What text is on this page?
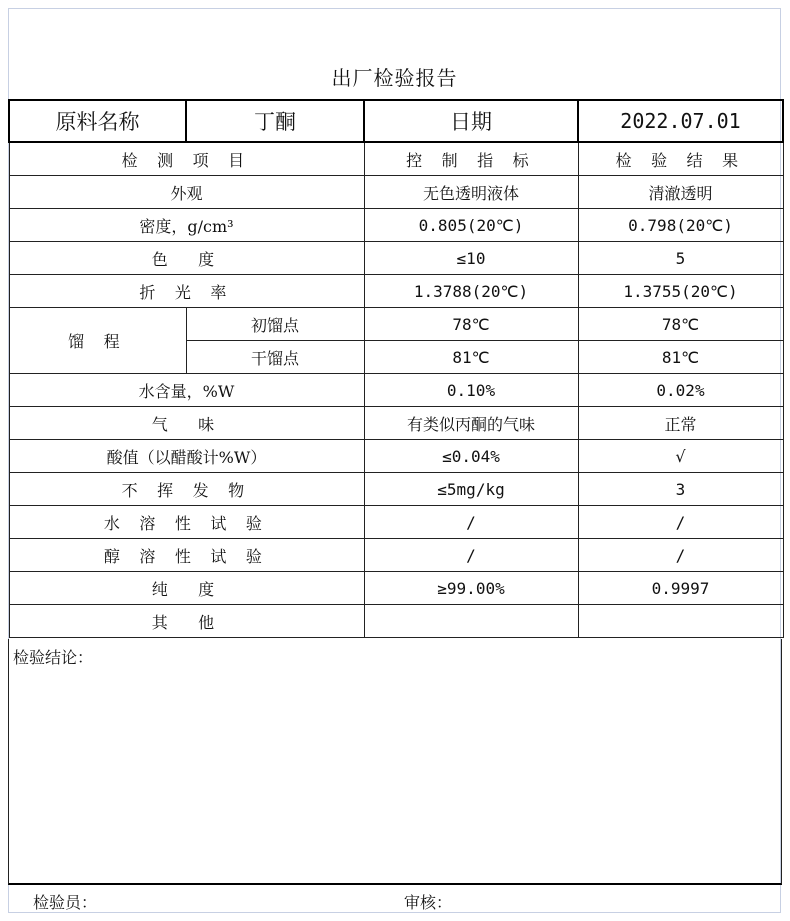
出厂检验报告
原料名称	丁酮	日期	2022.07.01
检 测 项 目		控 制 指 标	检 验 结 果
外观		无色透明液体	清澈透明
密度，g/cm³		0.805(20℃)	0.798(20℃)
色　度		≤10	5
折 光 率		1.3788(20℃)	1.3755(20℃)
馏 程	初馏点	78℃	78℃
	干馏点	81℃	81℃
水含量，%W		0.10%	0.02%
气　味		有类似丙酮的气味	正常
酸值（以醋酸计%W）		≤0.04%	√
不 挥 发 物		≤5mg/kg	3
水 溶 性 试 验		/	/
醇 溶 性 试 验		/	/
纯　度		≥99.00%	0.9997
其　他			
检验结论：
检验员：	审核：
